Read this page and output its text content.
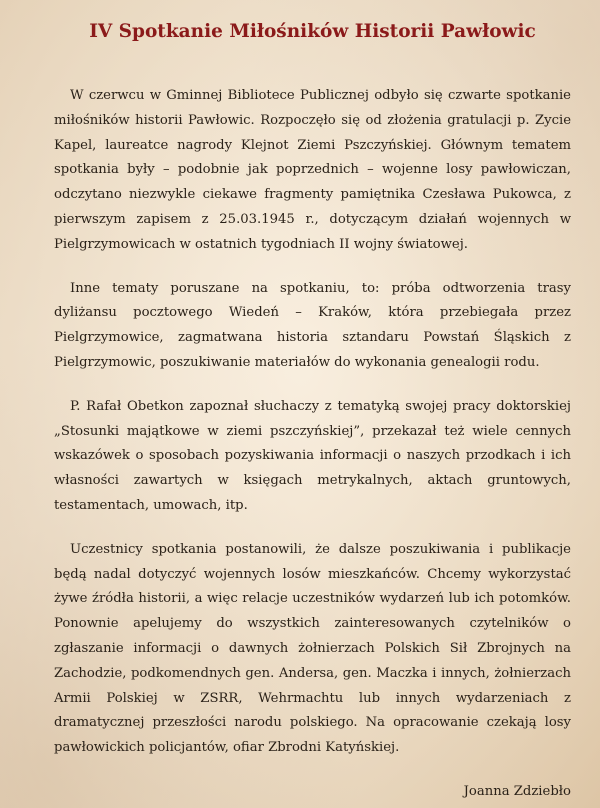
IV Spotkanie Miłośników Historii Pawłowic

W czerwcu w Gminnej Bibliotece Publicznej odbyło się czwarte spotkanie miłośników historii Pawłowic. Rozpoczęło się od złożenia gratulacji p. Zycie Kapel, laureatce nagrody Klejnot Ziemi Pszczyńskiej. Głównym tematem spotkania były – podobnie jak poprzednich – wojenne losy pawłowiczan, odczytano niezwykle ciekawe fragmenty pamiętnika Czesława Pukowca, z pierwszym zapisem z 25.03.1945 r., dotyczącym działań wojennych w Pielgrzymowicach w ostatnich tygodniach II wojny światowej.

Inne tematy poruszane na spotkaniu, to: próba odtworzenia trasy dyliżansu pocztowego Wiedeń – Kraków, która przebiegała przez Pielgrzymowice, zagmatwana historia sztandaru Powstań Śląskich z Pielgrzymowic, poszukiwanie materiałów do wykonania genealogii rodu.

P. Rafał Obetkon zapoznał słuchaczy z tematyką swojej pracy doktorskiej „Stosunki majątkowe w ziemi pszczyńskiej”, przekazał też wiele cennych wskazówek o sposobach pozyskiwania informacji o naszych przodkach i ich własności zawartych w księgach metrykalnych, aktach gruntowych, testamentach, umowach, itp.

Uczestnicy spotkania postanowili, że dalsze poszukiwania i publikacje będą nadal dotyczyć wojennych losów mieszkańców. Chcemy wykorzystać żywe źródła historii, a więc relacje uczestników wydarzeń lub ich potomków. Ponownie apelujemy do wszystkich zainteresowanych czytelników o zgłaszanie informacji o dawnych żołnierzach Polskich Sił Zbrojnych na Zachodzie, podkomendnych gen. Andersa, gen. Maczka i innych, żołnierzach Armii Polskiej w ZSRR, Wehrmachtu lub innych wydarzeniach z dramatycznej przeszłości narodu polskiego. Na opracowanie czekają losy pawłowickich policjantów, ofiar Zbrodni Katyńskiej.

Joanna Zdziebło
